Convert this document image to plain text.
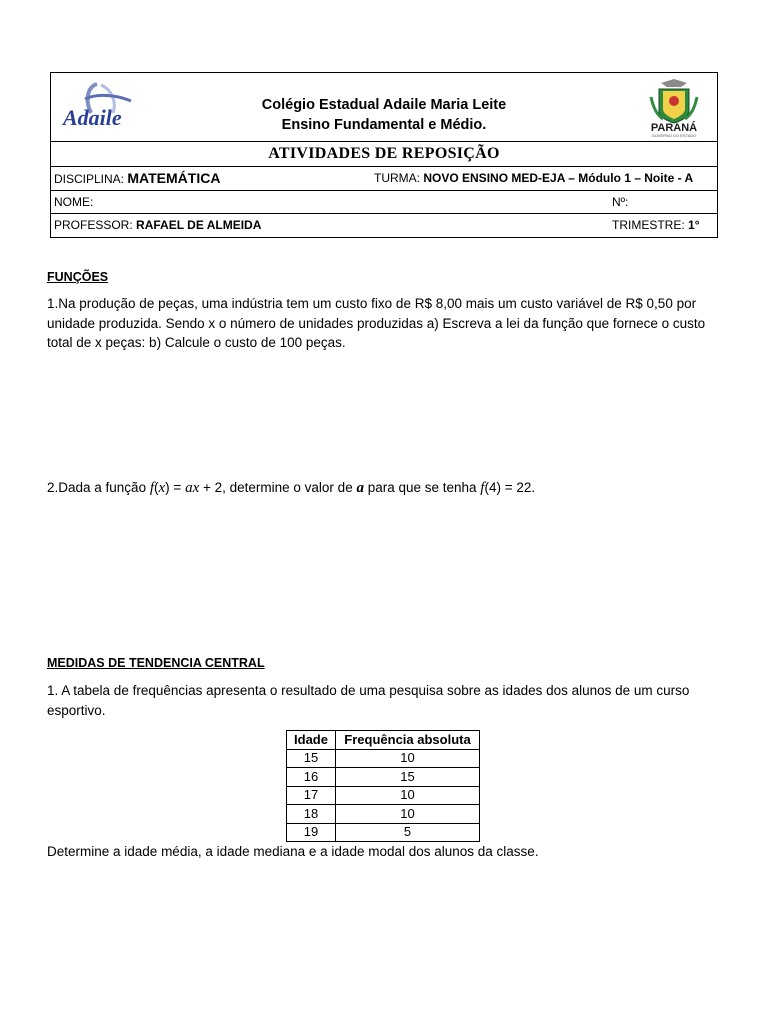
Adaile	Colégio Estadual Adaile Maria Leite
Ensino Fundamental e Médio.	PARANÁ
GOVERNO DO ESTADO
ATIVIDADES DE REPOSIÇÃO
DISCIPLINA: MATEMÁTICA	TURMA: NOVO ENSINO MED-EJA – Módulo 1 – Noite - A
NOME:	Nº:
PROFESSOR: RAFAEL DE ALMEIDA	TRIMESTRE: 1°
FUNÇÕES
1.Na produção de peças, uma indústria tem um custo fixo de R$ 8,00 mais um custo variável de R$ 0,50 por unidade produzida. Sendo x o número de unidades produzidas a) Escreva a lei da função que fornece o custo total de x peças: b) Calcule o custo de 100 peças.
2.Dada a função f(x) = ax + 2, determine o valor de a para que se tenha f(4) = 22.
MEDIDAS DE TENDENCIA CENTRAL
1. A tabela de frequências apresenta o resultado de uma pesquisa sobre as idades dos alunos de um curso esportivo.
Idade	Frequência absoluta
15	10
16	15
17	10
18	10
19	5
Determine a idade média, a idade mediana e a idade modal dos alunos da classe.
